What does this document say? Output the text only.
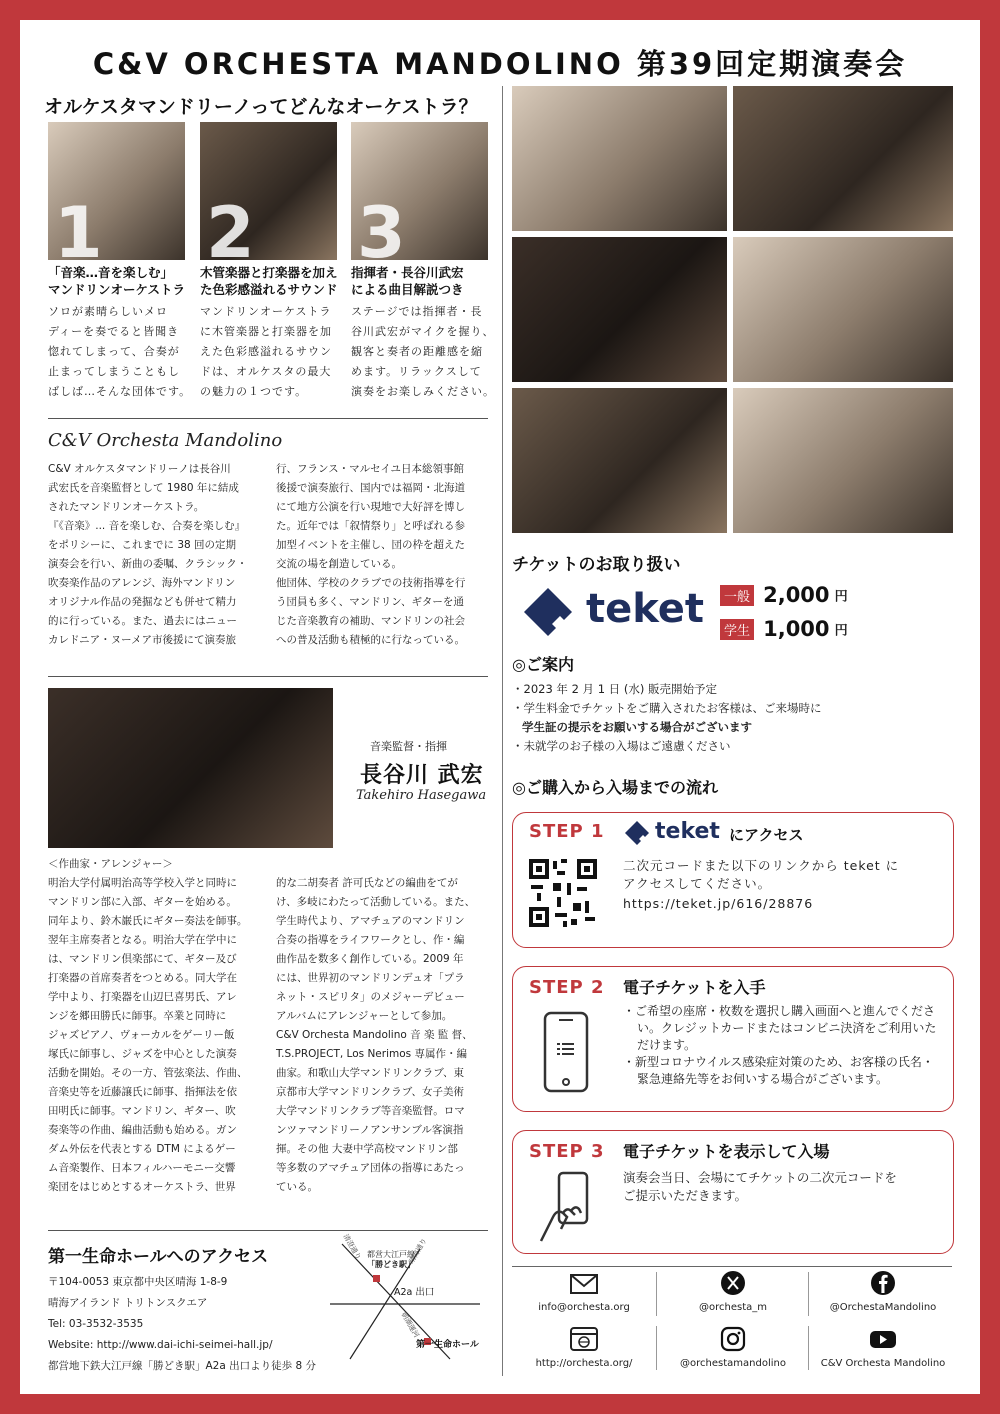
C&V ORCHESTA MANDOLINO 第39回定期演奏会
オルケスタマンドリーノってどんなオーケストラ？
1 2 3
「音楽…音を楽しむ」
マンドリンオーケストラ
ソロが素晴らしいメロ
ディーを奏でると皆聞き
惚れてしまって、合奏が
止まってしまうこともし
ばしば…そんな団体です。
木管楽器と打楽器を加え
た色彩感溢れるサウンド
マンドリンオーケストラ
に木管楽器と打楽器を加
えた色彩感溢れるサウン
ドは、オルケスタの最大
の魅力の１つです。
指揮者・長谷川武宏
による曲目解説つき
ステージでは指揮者・長
谷川武宏がマイクを握り、
観客と奏者の距離感を縮
めます。リラックスして
演奏をお楽しみください。
C&V Orchesta Mandolino
C&V オルケスタマンドリーノは長谷川
武宏氏を音楽監督として 1980 年に結成
されたマンドリンオーケストラ。
『《音楽》... 音を楽しむ、合奏を楽しむ』
をポリシーに、これまでに 38 回の定期
演奏会を行い、新曲の委嘱、クラシック・
吹奏楽作品のアレンジ、海外マンドリン
オリジナル作品の発掘なども併せて精力
的に行っている。また、過去にはニュー
カレドニア・ヌーメア市後援にて演奏旅
行、フランス・マルセイユ日本総領事館
後援で演奏旅行、国内では福岡・北海道
にて地方公演を行い現地で大好評を博し
た。近年では「叙情祭り」と呼ばれる参
加型イベントを主催し、団の枠を超えた
交流の場を創造している。
他団体、学校のクラブでの技術指導を行
う団員も多く、マンドリン、ギターを通
じた音楽教育の補助、マンドリンの社会
への普及活動も積極的に行なっている。
音楽監督・指揮
長谷川 武宏
Takehiro Hasegawa
＜作曲家・アレンジャー＞
明治大学付属明治高等学校入学と同時に
マンドリン部に入部、ギターを始める。
同年より、鈴木巌氏にギター奏法を師事。
翌年主席奏者となる。明治大学在学中に
は、マンドリン倶楽部にて、ギター及び
打楽器の首席奏者をつとめる。同大学在
学中より、打楽器を山辺巳喜男氏、アレ
ンジを郷田勝氏に師事。卒業と同時に
ジャズピアノ、ヴォーカルをゲーリー飯
塚氏に師事し、ジャズを中心とした演奏
活動を開始。その一方、管弦楽法、作曲、
音楽史等を近藤譲氏に師事、指揮法を依
田明氏に師事。マンドリン、ギター、吹
奏楽等の作曲、編曲活動も始める。ガン
ダム外伝を代表とする DTM によるゲー
ム音楽製作、日本フィルハーモニー交響
楽団をはじめとするオーケストラ、世界
的な二胡奏者 許可氏などの編曲をてが
け、多岐にわたって活動している。また、
学生時代より、アマチュアのマンドリン
合奏の指導をライフワークとし、作・編
曲作品を数多く創作している。2009 年
には、世界初のマンドリンデュオ「プラ
ネット・スピリタ」のメジャーデビュー
アルバムにアレンジャーとして参加。
C&V Orchesta Mandolino 音 楽 監 督、
T.S.PROJECT, Los Nerimos 専属作・編
曲家。和歌山大学マンドリンクラブ、東
京都市大学マンドリンクラブ、女子美術
大学マンドリンクラブ等音楽監督。ロマ
ンツァマンドリーノアンサンブル客演指
揮。その他 大妻中学高校マンドリン部
等多数のアマチュア団体の指導にあたっ
ている。
第一生命ホールへのアクセス
〒104-0053 東京都中央区晴海 1-8-9
晴海アイランド トリトンスクエア
Tel: 03-3532-3535
Website: http://www.dai-ichi-seimei-hall.jp/
都営地下鉄大江戸線「勝どき駅」A2a 出口より徒歩 8 分
都営大江戸線
「勝どき駅」
A2a 出口
第一生命ホール
清澄通り	晴海通り
朝潮運河
チケットのお取り扱い
teket	一般 2,000 円
学生 1,000 円
◎ご案内
・2023 年 2 月 1 日 (水) 販売開始予定
・学生料金でチケットをご購入されたお客様は、ご来場時に
学生証の提示をお願いする場合がございます
・未就学のお子様の入場はご遠慮ください
◎ご購入から入場までの流れ
STEP 1 teket にアクセス
二次元コードまた以下のリンクから teket に
アクセスしてください。
https://teket.jp/616/28876
STEP 2 電子チケットを入手
・ご希望の座席・枚数を選択し購入画面へと進んでください。クレジットカードまたはコンビニ決済をご利用いただけます。
・新型コロナウイルス感染症対策のため、お客様の氏名・緊急連絡先等をお伺いする場合がございます。
STEP 3 電子チケットを表示して入場
演奏会当日、会場にてチケットの二次元コードを
ご提示いただきます。
info@orchesta.org	@orchesta_m	@OrchestaMandolino
http://orchesta.org/	@orchestamandolino	C&V Orchesta Mandolino
